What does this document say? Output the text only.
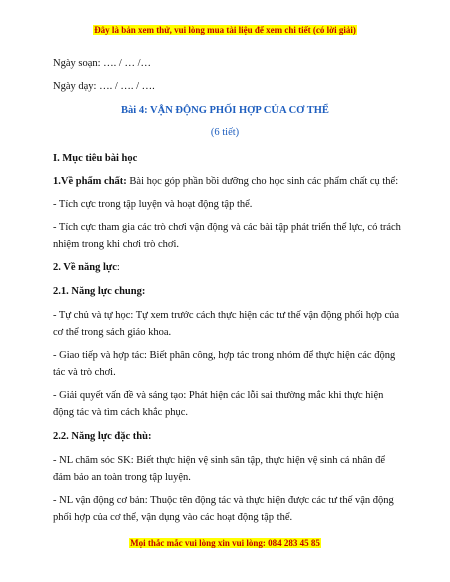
Đây là bản xem thử, vui lòng mua tài liệu để xem chi tiết (có lời giải)
Ngày soạn: …. / … /…
Ngày dạy: …. / …. / ….
Bài 4: VẬN ĐỘNG PHỐI HỢP CỦA CƠ THỂ
(6 tiết)
I. Mục tiêu bài học
1.Về phẩm chất: Bài học góp phần bồi dưỡng cho học sinh các phẩm chất cụ thể:
- Tích cực trong tập luyện và hoạt động tập thể.
- Tích cực tham gia các trò chơi vận động và các bài tập phát triển thể lực, có trách
nhiệm trong khi chơi trò chơi.
2. Về năng lực:
2.1. Năng lực chung:
- Tự chủ và tự học: Tự xem trước cách thực hiện các tư thế vận động phối hợp của
cơ thể trong sách giáo khoa.
- Giao tiếp và hợp tác: Biết phân công, hợp tác trong nhóm để thực hiện các động
tác và trò chơi.
- Giải quyết vấn đề và sáng tạo: Phát hiện các lỗi sai thường mắc khi thực hiện
động tác và tìm cách khắc phục.
2.2. Năng lực đặc thù:
- NL chăm sóc SK: Biết thực hiện vệ sinh sân tập, thực hiện vệ sinh cá nhân để
đảm bảo an toàn trong tập luyện.
- NL vận động cơ bản: Thuộc tên động tác và thực hiện được các tư thế vận động
phối hợp của cơ thể, vận dụng vào các hoạt động tập thể.
Mọi thắc mắc vui lòng xin vui lòng: 084 283 45 85
